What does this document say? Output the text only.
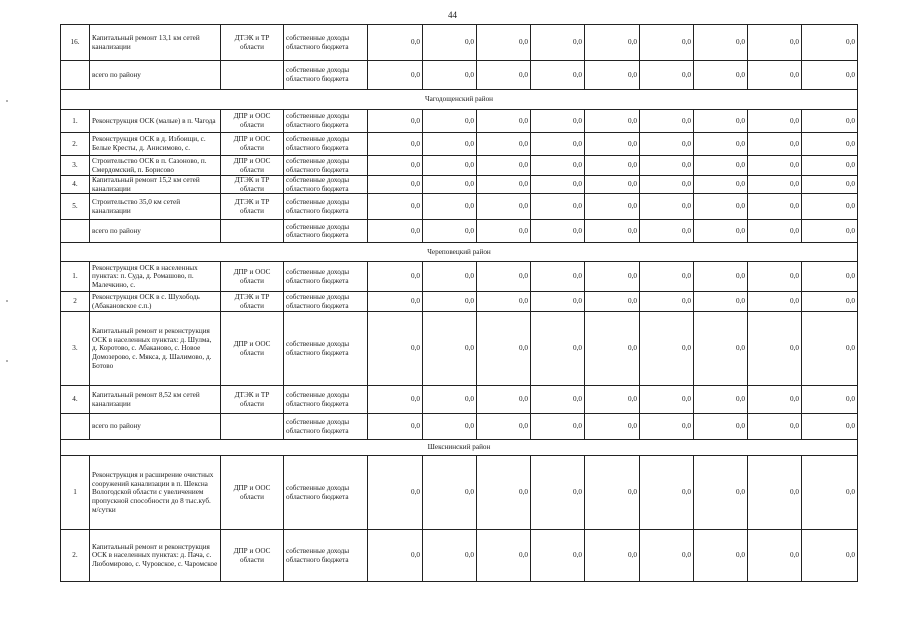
44
16.	Капитальный ремонт 13,1 км сетей канализации	ДТЭК и ТР области	собственные доходы областного бюджета	0,0	0,0	0,0	0,0	0,0	0,0	0,0	0,0	0,0
	всего по району		собственные доходы областного бюджета	0,0	0,0	0,0	0,0	0,0	0,0	0,0	0,0	0,0
Чагодощенский район												
1.	Реконструкция ОСК (малые) в п. Чагода	ДПР и ООС области	собственные доходы областного бюджета	0,0	0,0	0,0	0,0	0,0	0,0	0,0	0,0	0,0
2.	Реконструкция ОСК в д. Избоищи, с. Белые Кресты, д. Анисимово, с.	ДПР и ООС области	собственные доходы областного бюджета	0,0	0,0	0,0	0,0	0,0	0,0	0,0	0,0	0,0
3.	Строительство ОСК в п. Сазоново, п. Смердомский, п. Борисово	ДПР и ООС области	собственные доходы областного бюджета	0,0	0,0	0,0	0,0	0,0	0,0	0,0	0,0	0,0
4.	Капитальный ремонт 15,2 км сетей канализации	ДТЭК и ТР области	собственные доходы областного бюджета	0,0	0,0	0,0	0,0	0,0	0,0	0,0	0,0	0,0
5.	Строительство 35,0 км сетей канализации	ДТЭК и ТР области	собственные доходы областного бюджета	0,0	0,0	0,0	0,0	0,0	0,0	0,0	0,0	0,0
	всего по району		собственные доходы областного бюджета	0,0	0,0	0,0	0,0	0,0	0,0	0,0	0,0	0,0
Череповецкий район												
1.	Реконструкция ОСК в населенных пунктах: п. Суда, д. Ромашово, п. Малечкино, с.	ДПР и ООС области	собственные доходы областного бюджета	0,0	0,0	0,0	0,0	0,0	0,0	0,0	0,0	0,0
2	Реконструкция ОСК в с. Шухободь (Абакановское с.п.)	ДТЭК и ТР области	собственные доходы областного бюджета	0,0	0,0	0,0	0,0	0,0	0,0	0,0	0,0	0,0
3.	Капитальный ремонт и реконструкция ОСК в населенных пунктах: д. Шулма, д. Коротово, с. Абаканово, с. Новое Домозерово, с. Мякса, д. Шалимово, д. Ботово	ДПР и ООС области	собственные доходы областного бюджета	0,0	0,0	0,0	0,0	0,0	0,0	0,0	0,0	0,0
4.	Капитальный ремонт 8,52 км сетей канализации	ДТЭК и ТР области	собственные доходы областного бюджета	0,0	0,0	0,0	0,0	0,0	0,0	0,0	0,0	0,0
	всего по району		собственные доходы областного бюджета	0,0	0,0	0,0	0,0	0,0	0,0	0,0	0,0	0,0
Шекснинский район												
1	Реконструкция и расширение очистных сооружений канализации в п. Шексна Вологодской области с увеличением пропускной способности до 8 тыс.куб. м/сутки	ДПР и ООС области	собственные доходы областного бюджета	0,0	0,0	0,0	0,0	0,0	0,0	0,0	0,0	0,0
2.	Капитальный ремонт и реконструкция ОСК в населенных пунктах: д. Пача, с. Любомирово, с. Чуровское, с. Чаромское	ДПР и ООС области	собственные доходы областного бюджета	0,0	0,0	0,0	0,0	0,0	0,0	0,0	0,0	0,0
